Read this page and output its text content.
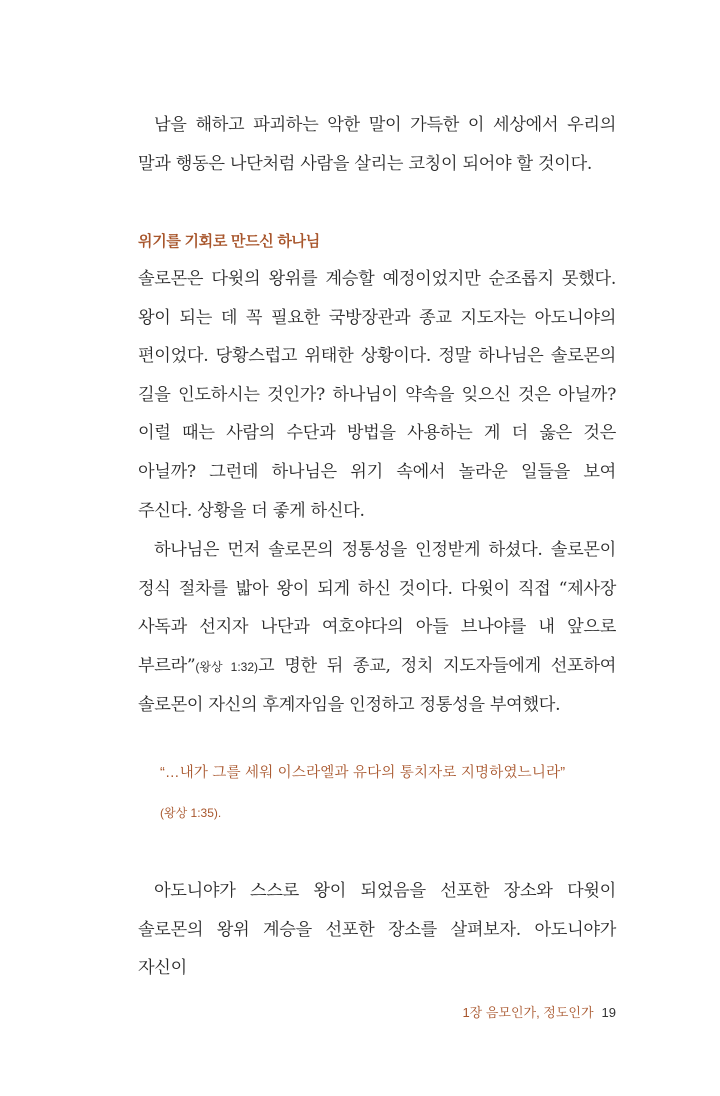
남을 해하고 파괴하는 악한 말이 가득한 이 세상에서 우리의 말과 행동은 나단처럼 사람을 살리는 코칭이 되어야 할 것이다.

위기를 기회로 만드신 하나님

솔로몬은 다윗의 왕위를 계승할 예정이었지만 순조롭지 못했다. 왕이 되는 데 꼭 필요한 국방장관과 종교 지도자는 아도니야의 편이었다. 당황스럽고 위태한 상황이다. 정말 하나님은 솔로몬의 길을 인도하시는 것인가? 하나님이 약속을 잊으신 것은 아닐까? 이럴 때는 사람의 수단과 방법을 사용하는 게 더 옳은 것은 아닐까? 그런데 하나님은 위기 속에서 놀라운 일들을 보여 주신다. 상황을 더 좋게 하신다.

하나님은 먼저 솔로몬의 정통성을 인정받게 하셨다. 솔로몬이 정식 절차를 밟아 왕이 되게 하신 것이다. 다윗이 직접 “제사장 사독과 선지자 나단과 여호야다의 아들 브나야를 내 앞으로 부르라”(왕상 1:32)고 명한 뒤 종교, 정치 지도자들에게 선포하여 솔로몬이 자신의 후계자임을 인정하고 정통성을 부여했다.

“…내가 그를 세워 이스라엘과 유다의 통치자로 지명하였느니라”

(왕상 1:35).

아도니야가 스스로 왕이 되었음을 선포한 장소와 다윗이 솔로몬의 왕위 계승을 선포한 장소를 살펴보자. 아도니야가 자신이

1장 음모인가, 정도인가 19
